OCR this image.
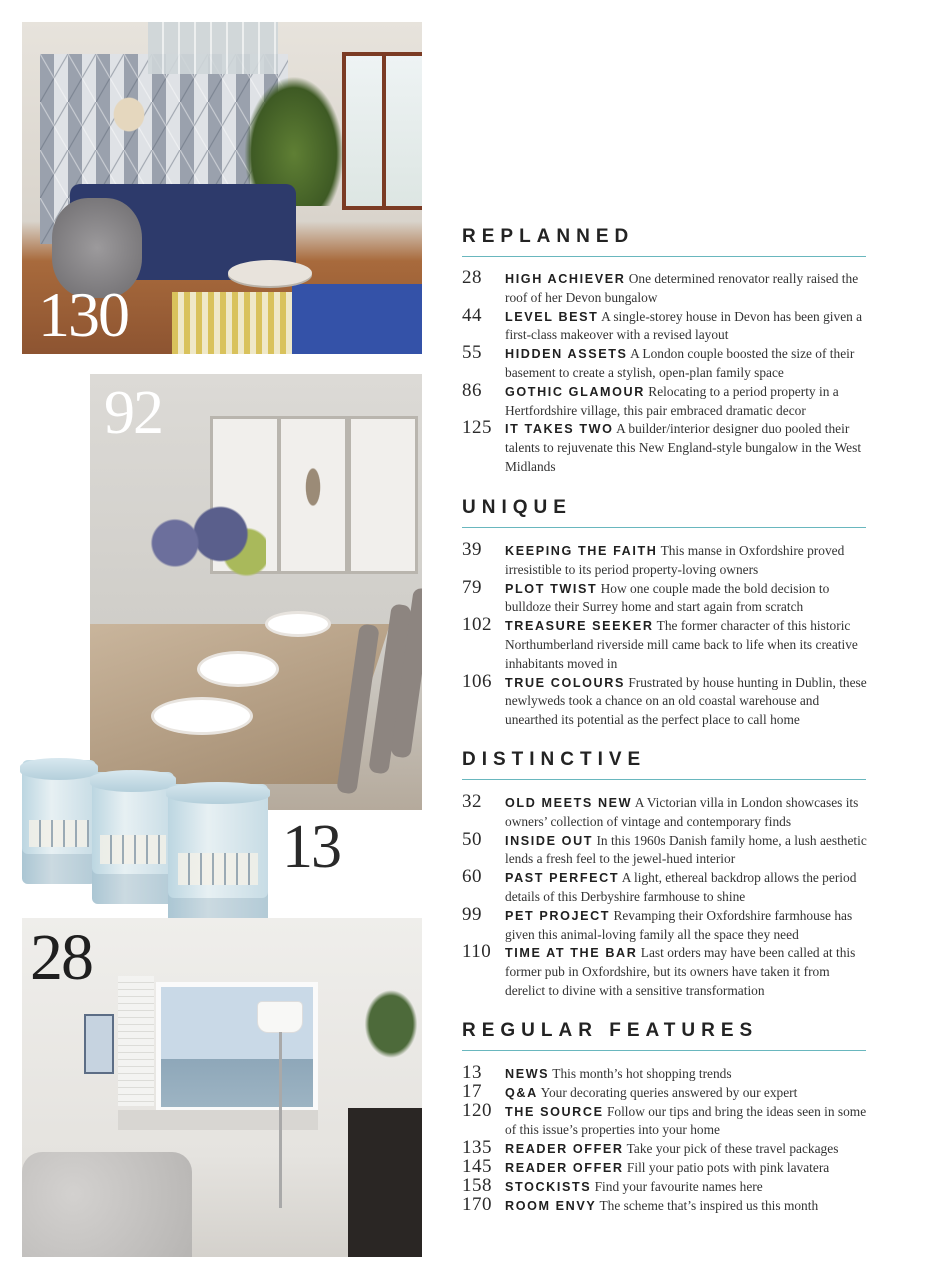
130
92
13
28
REPLANNED
28 HIGH ACHIEVER One determined renovator really raised the roof of her Devon bungalow
44 LEVEL BEST A single-storey house in Devon has been given a first-class makeover with a revised layout
55 HIDDEN ASSETS A London couple boosted the size of their basement to create a stylish, open-plan family space
86 GOTHIC GLAMOUR Relocating to a period property in a Hertfordshire village, this pair embraced dramatic decor
125 IT TAKES TWO A builder/interior designer duo pooled their talents to rejuvenate this New England-style bungalow in the West Midlands
UNIQUE
39 KEEPING THE FAITH This manse in Oxfordshire proved irresistible to its period property-loving owners
79 PLOT TWIST How one couple made the bold decision to bulldoze their Surrey home and start again from scratch
102 TREASURE SEEKER The former character of this historic Northumberland riverside mill came back to life when its creative inhabitants moved in
106 TRUE COLOURS Frustrated by house hunting in Dublin, these newlyweds took a chance on an old coastal warehouse and unearthed its potential as the perfect place to call home
DISTINCTIVE
32 OLD MEETS NEW A Victorian villa in London showcases its owners’ collection of vintage and contemporary finds
50 INSIDE OUT In this 1960s Danish family home, a lush aesthetic lends a fresh feel to the jewel-hued interior
60 PAST PERFECT A light, ethereal backdrop allows the period details of this Derbyshire farmhouse to shine
99 PET PROJECT Revamping their Oxfordshire farmhouse has given this animal-loving family all the space they need
110 TIME AT THE BAR Last orders may have been called at this former pub in Oxfordshire, but its owners have taken it from derelict to divine with a sensitive transformation
REGULAR FEATURES
13 NEWS This month’s hot shopping trends
17 Q&A Your decorating queries answered by our expert
120 THE SOURCE Follow our tips and bring the ideas seen in some of this issue’s properties into your home
135 READER OFFER Take your pick of these travel packages
145 READER OFFER Fill your patio pots with pink lavatera
158 STOCKISTS Find your favourite names here
170 ROOM ENVY The scheme that’s inspired us this month
